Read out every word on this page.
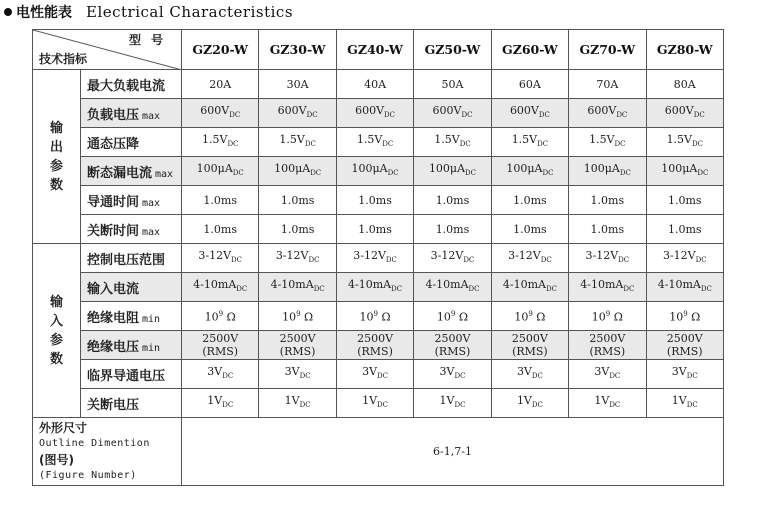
电性能表 Electrical Characteristics
型号
技术指标		GZ20-W	GZ30-W	GZ40-W	GZ50-W	GZ60-W	GZ70-W	GZ80-W
输
出
参
数	最大负载电流	20A	30A	40A	50A	60A	70A	80A
	负载电压 max	$600V_{DC}$	$600V_{DC}$	$600V_{DC}$	$600V_{DC}$	$600V_{DC}$	$600V_{DC}$	$600V_{DC}$
	通态压降	$1.5V_{DC}$	$1.5V_{DC}$	$1.5V_{DC}$	$1.5V_{DC}$	$1.5V_{DC}$	$1.5V_{DC}$	$1.5V_{DC}$
	断态漏电流 max	$100\mu A_{DC}$	$100\mu A_{DC}$	$100\mu A_{DC}$	$100\mu A_{DC}$	$100\mu A_{DC}$	$100\mu A_{DC}$	$100\mu A_{DC}$
	导通时间 max	1.0ms	1.0ms	1.0ms	1.0ms	1.0ms	1.0ms	1.0ms
	关断时间 max	1.0ms	1.0ms	1.0ms	1.0ms	1.0ms	1.0ms	1.0ms
输
入
参
数	控制电压范围	$3-12V_{DC}$	$3-12V_{DC}$	$3-12V_{DC}$	$3-12V_{DC}$	$3-12V_{DC}$	$3-12V_{DC}$	$3-12V_{DC}$
	输入电流	$4-10mA_{DC}$	$4-10mA_{DC}$	$4-10mA_{DC}$	$4-10mA_{DC}$	$4-10mA_{DC}$	$4-10mA_{DC}$	$4-10mA_{DC}$
	绝缘电阻 min	$10^9$ Ω	$10^9$ Ω	$10^9$ Ω	$10^9$ Ω	$10^9$ Ω	$10^9$ Ω	$10^9$ Ω
	绝缘电压 min	2500V
(RMS)	2500V
(RMS)	2500V
(RMS)	2500V
(RMS)	2500V
(RMS)	2500V
(RMS)	2500V
(RMS)
	临界导通电压	$3V_{DC}$	$3V_{DC}$	$3V_{DC}$	$3V_{DC}$	$3V_{DC}$	$3V_{DC}$	$3V_{DC}$
	关断电压	$1V_{DC}$	$1V_{DC}$	$1V_{DC}$	$1V_{DC}$	$1V_{DC}$	$1V_{DC}$	$1V_{DC}$

外形尺寸
Outline Dimention
(图号)
(Figure Number)		6-1,7-1						
